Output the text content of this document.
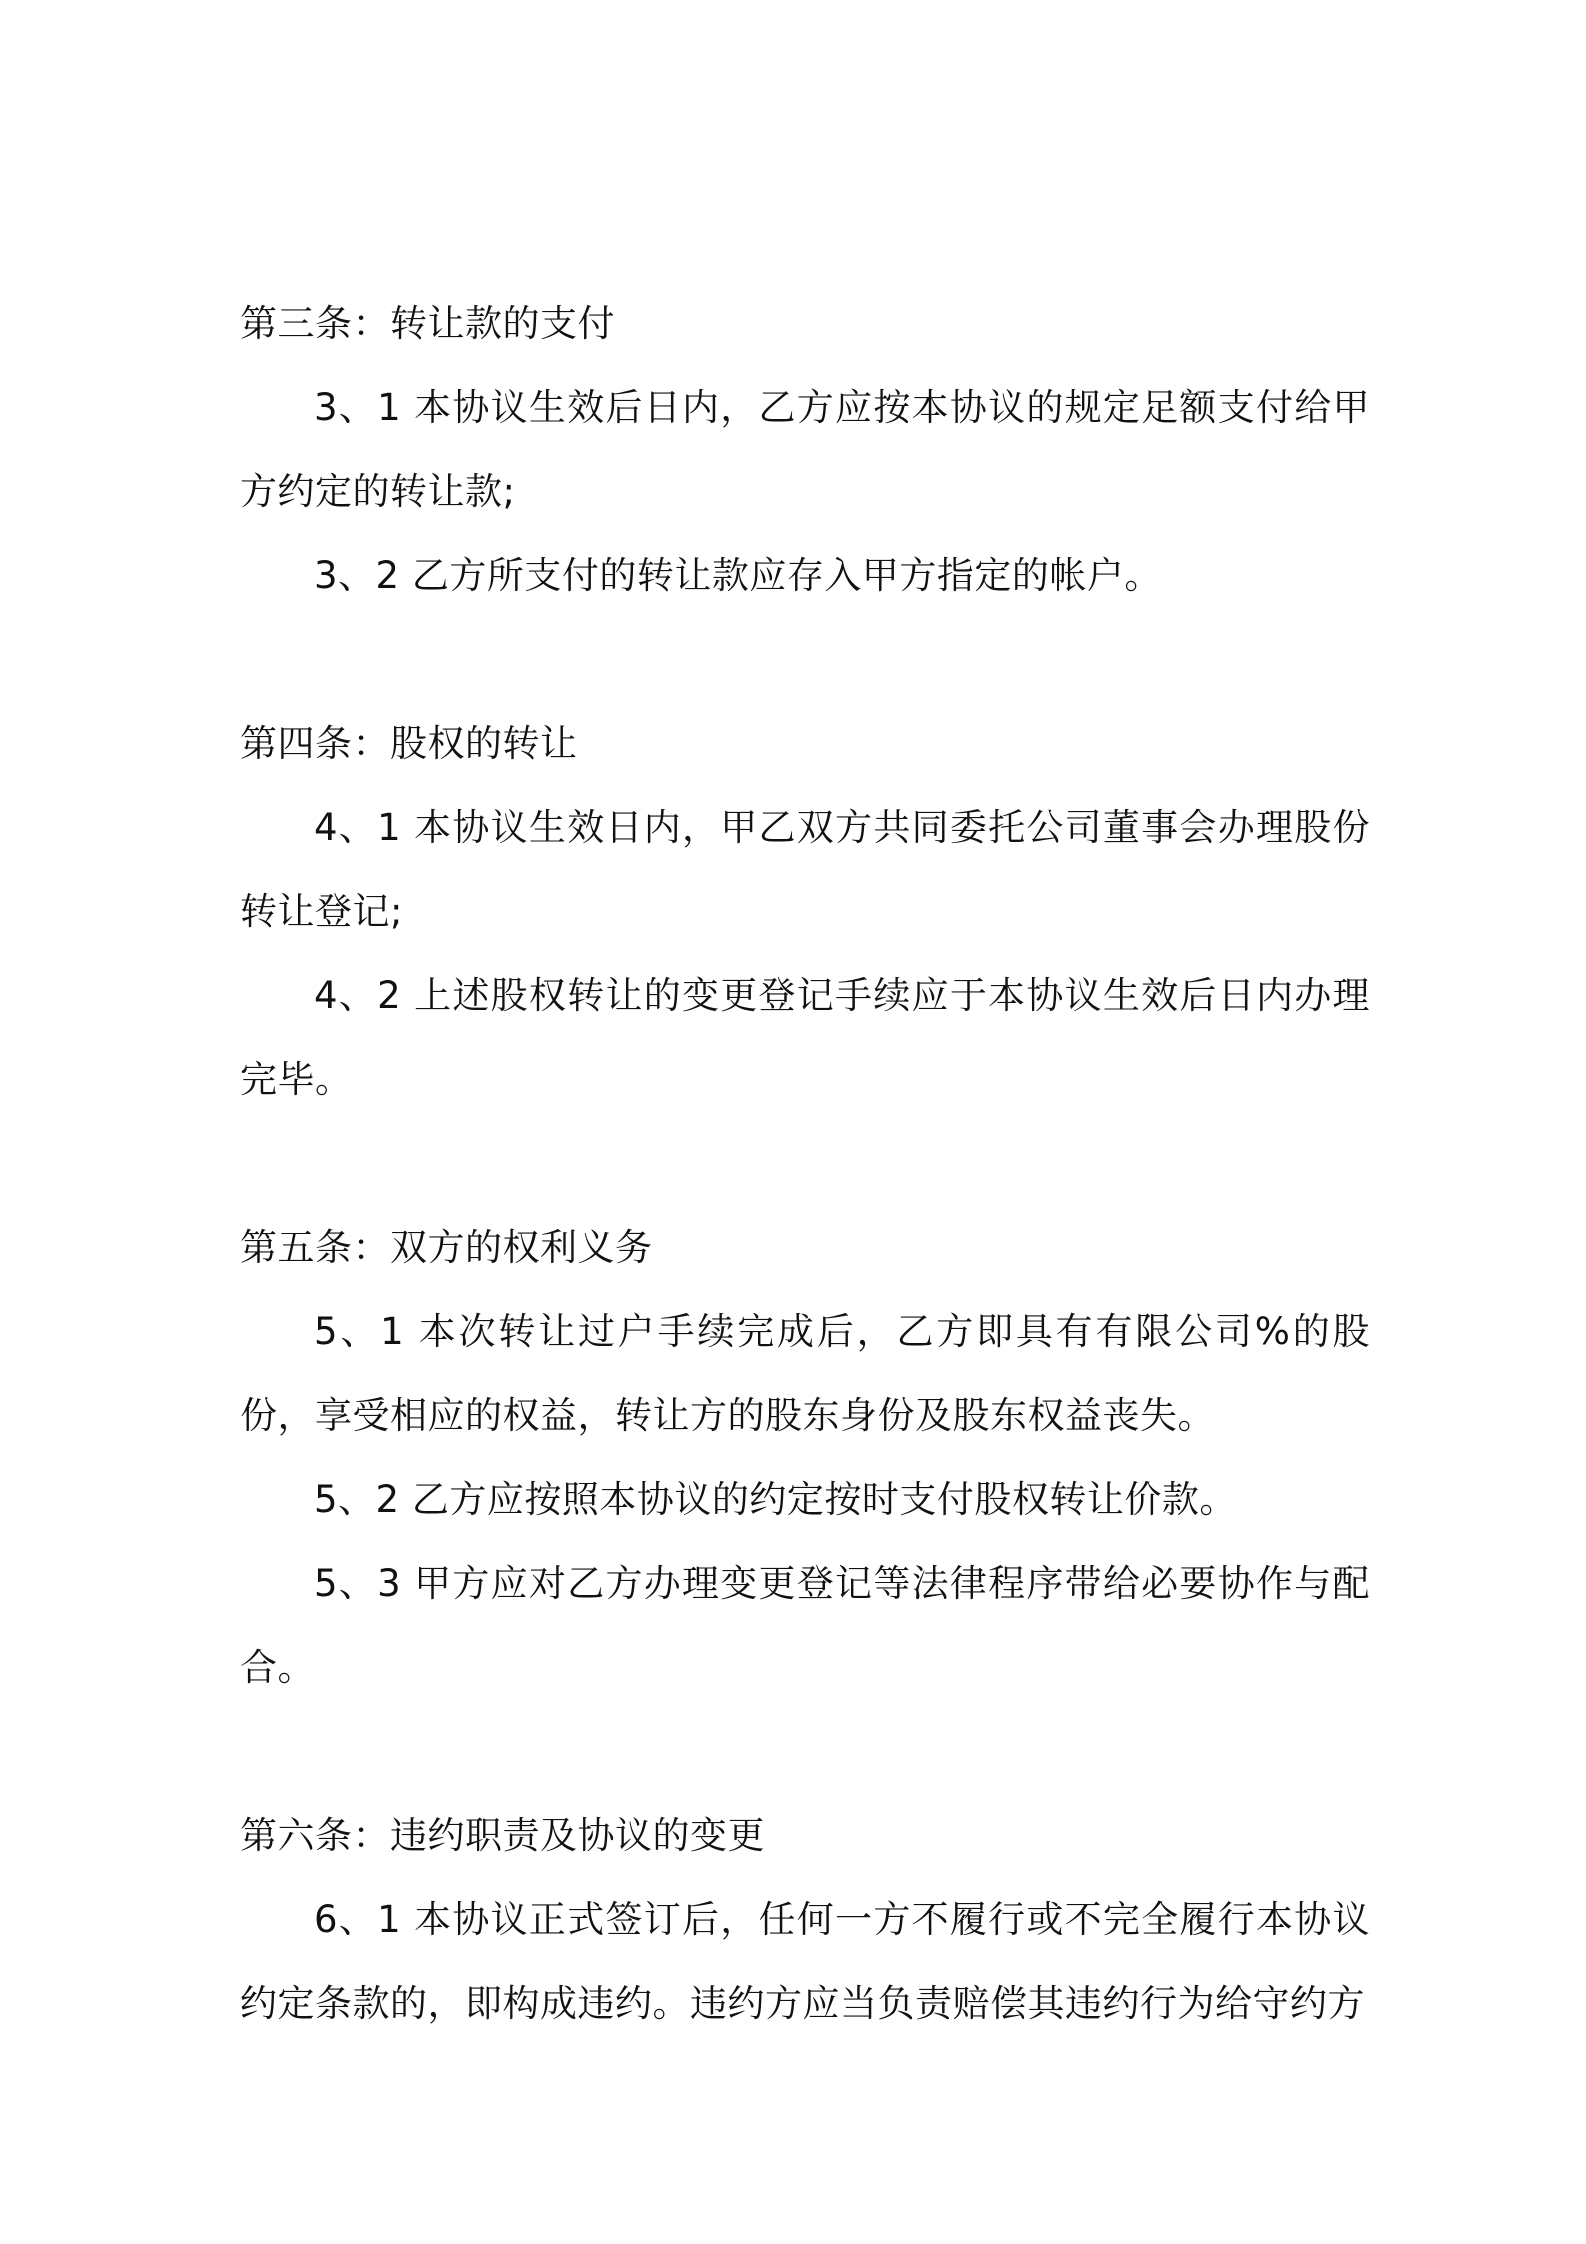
第三条：转让款的支付

3、1 本协议生效后日内，乙方应按本协议的规定足额支付给甲方约定的转让款;

3、2 乙方所支付的转让款应存入甲方指定的帐户。

第四条：股权的转让

4、1 本协议生效日内，甲乙双方共同委托公司董事会办理股份转让登记;

4、2 上述股权转让的变更登记手续应于本协议生效后日内办理完毕。

第五条：双方的权利义务

5、1 本次转让过户手续完成后，乙方即具有有限公司%的股份，享受相应的权益，转让方的股东身份及股东权益丧失。

5、2 乙方应按照本协议的约定按时支付股权转让价款。

5、3 甲方应对乙方办理变更登记等法律程序带给必要协作与配合。

第六条：违约职责及协议的变更

6、1 本协议正式签订后，任何一方不履行或不完全履行本协议约定条款的，即构成违约。违约方应当负责赔偿其违约行为给守约方
